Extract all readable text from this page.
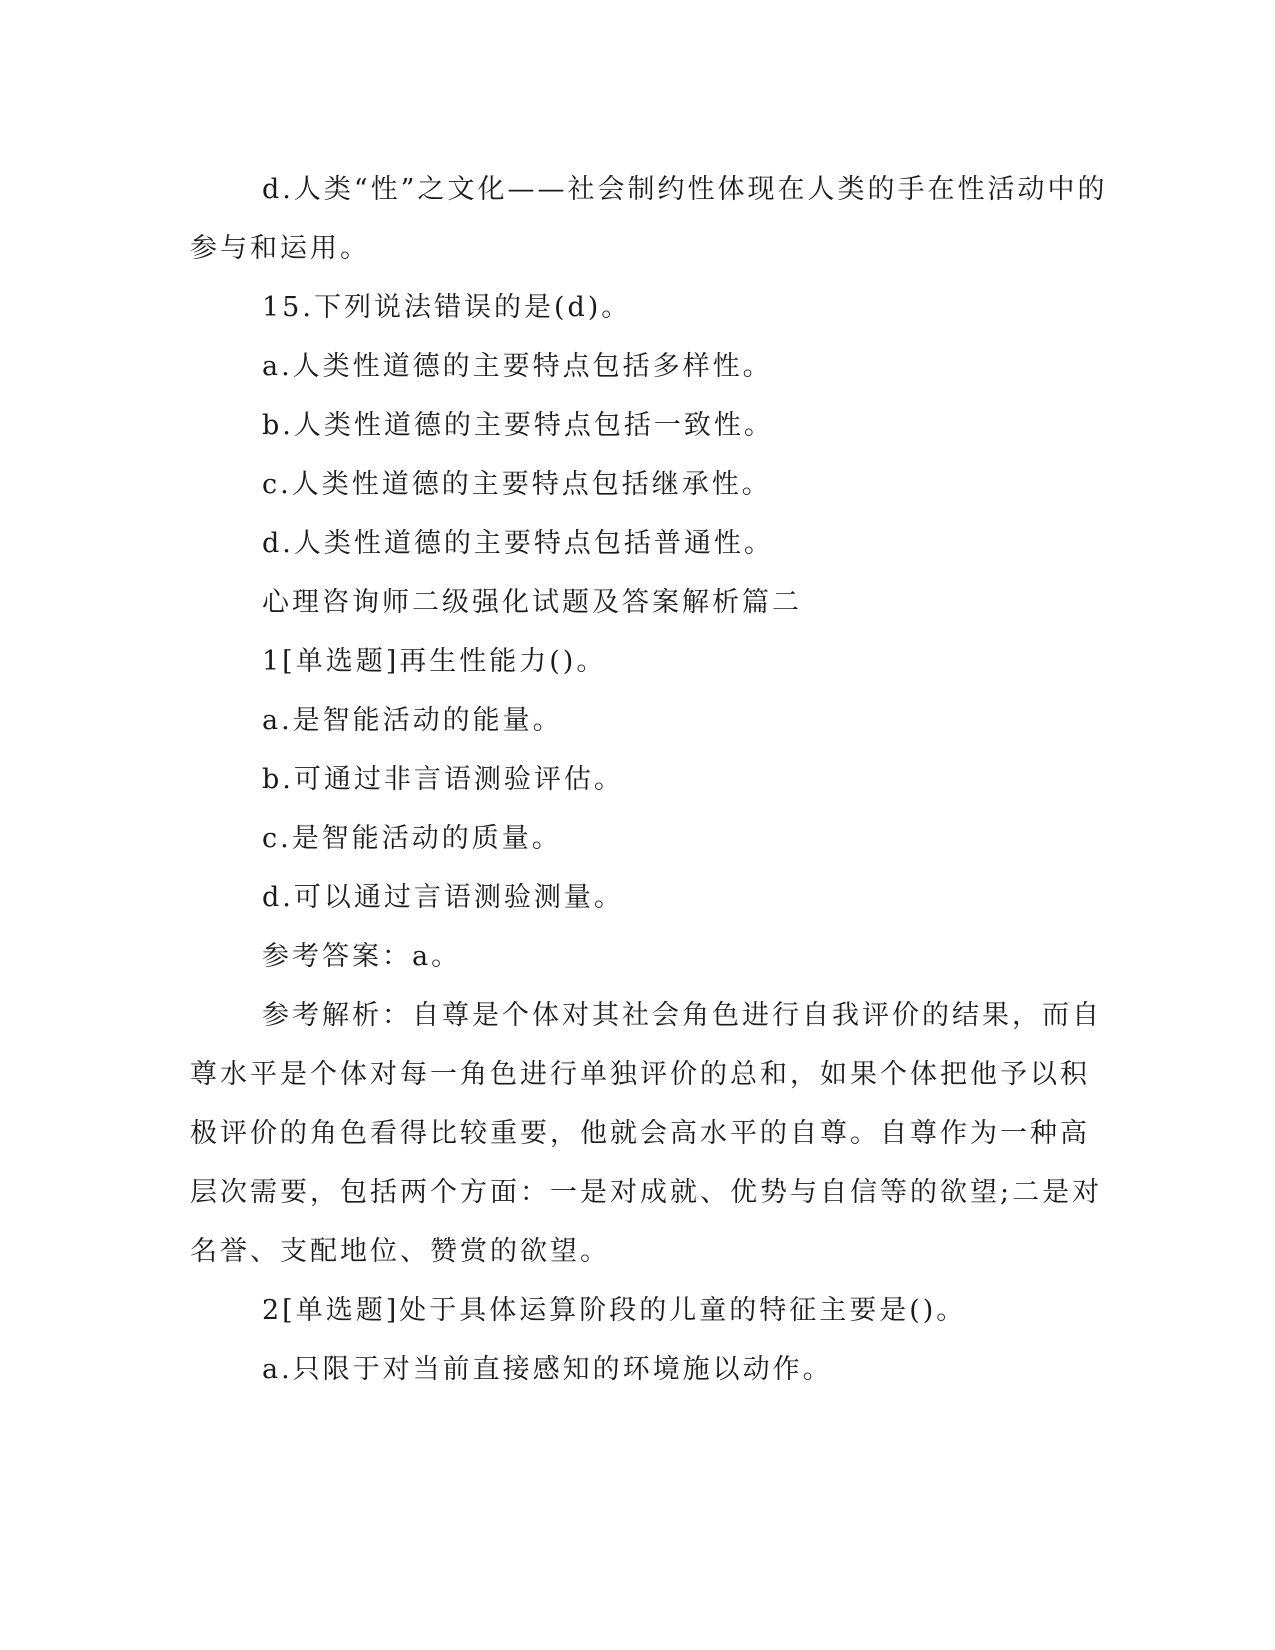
d.人类“性”之文化——社会制约性体现在人类的手在性活动中的
参与和运用。
15.下列说法错误的是(d)。
a.人类性道德的主要特点包括多样性。
b.人类性道德的主要特点包括一致性。
c.人类性道德的主要特点包括继承性。
d.人类性道德的主要特点包括普通性。
心理咨询师二级强化试题及答案解析篇二
1[单选题]再生性能力()。
a.是智能活动的能量。
b.可通过非言语测验评估。
c.是智能活动的质量。
d.可以通过言语测验测量。
参考答案：a。
参考解析：自尊是个体对其社会角色进行自我评价的结果，而自
尊水平是个体对每一角色进行单独评价的总和，如果个体把他予以积
极评价的角色看得比较重要，他就会高水平的自尊。自尊作为一种高
层次需要，包括两个方面：一是对成就、优势与自信等的欲望;二是对
名誉、支配地位、赞赏的欲望。
2[单选题]处于具体运算阶段的儿童的特征主要是()。
a.只限于对当前直接感知的环境施以动作。
